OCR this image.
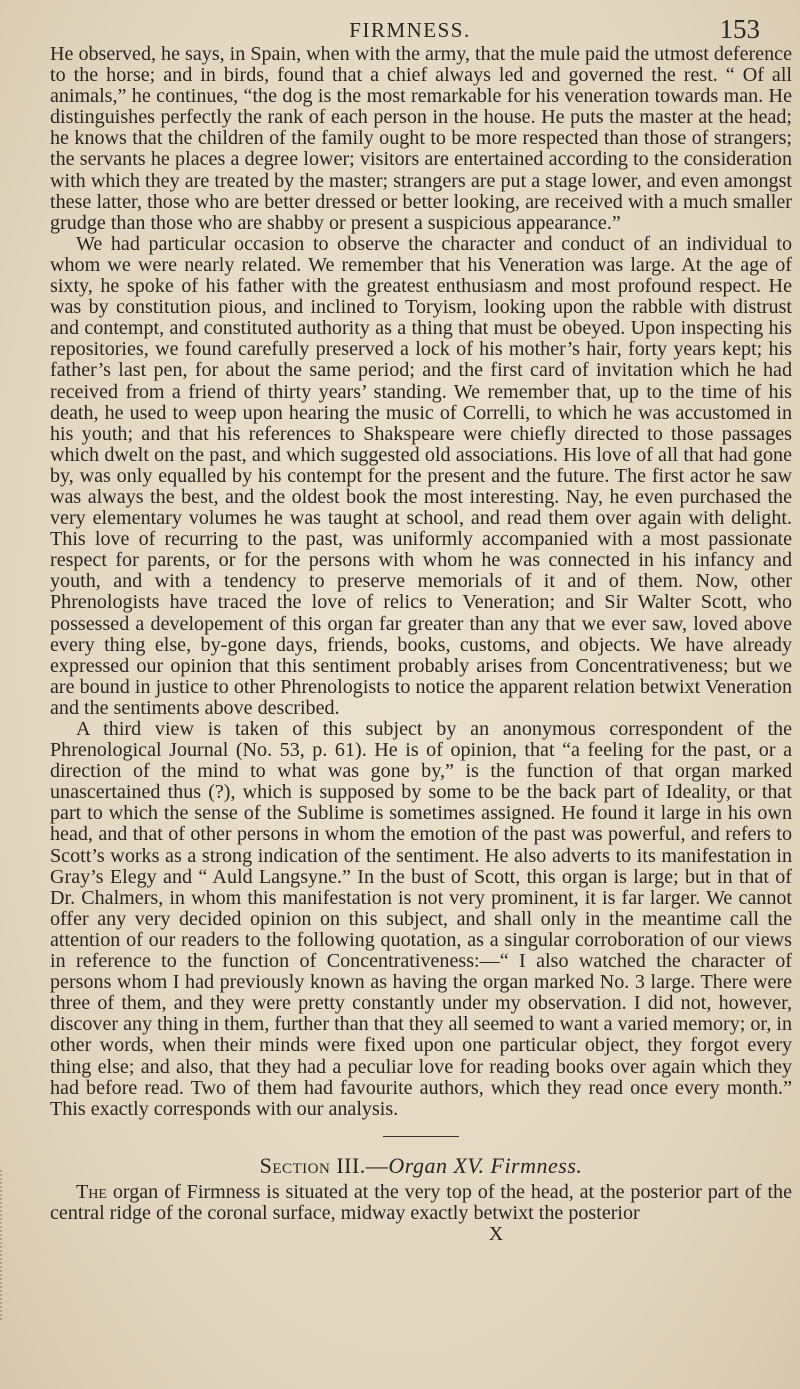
FIRMNESS.	153

He observed, he says, in Spain, when with the army, that the mule paid the utmost deference to the horse; and in birds, found that a chief always led and governed the rest. “ Of all animals,” he continues, “the dog is the most remarkable for his veneration towards man. He distinguishes perfectly the rank of each person in the house. He puts the master at the head; he knows that the children of the family ought to be more respected than those of strangers; the servants he places a degree lower; visitors are entertained according to the consideration with which they are treated by the master; strangers are put a stage lower, and even amongst these latter, those who are better dressed or better looking, are received with a much smaller grudge than those who are shabby or present a suspicious appearance.”

We had particular occasion to observe the character and conduct of an individual to whom we were nearly related. We remember that his Veneration was large. At the age of sixty, he spoke of his father with the greatest enthusiasm and most profound respect. He was by constitution pious, and inclined to Toryism, looking upon the rabble with distrust and contempt, and constituted authority as a thing that must be obeyed. Upon inspecting his repositories, we found carefully preserved a lock of his mother’s hair, forty years kept; his father’s last pen, for about the same period; and the first card of invitation which he had received from a friend of thirty years’ standing. We remember that, up to the time of his death, he used to weep upon hearing the music of Correlli, to which he was accustomed in his youth; and that his references to Shakspeare were chiefly directed to those passages which dwelt on the past, and which suggested old associations. His love of all that had gone by, was only equalled by his contempt for the present and the future. The first actor he saw was always the best, and the oldest book the most interesting. Nay, he even purchased the very elementary volumes he was taught at school, and read them over again with delight. This love of recurring to the past, was uniformly accompanied with a most passionate respect for parents, or for the persons with whom he was connected in his infancy and youth, and with a tendency to preserve memorials of it and of them. Now, other Phrenologists have traced the love of relics to Veneration; and Sir Walter Scott, who possessed a developement of this organ far greater than any that we ever saw, loved above every thing else, by-gone days, friends, books, customs, and objects. We have already expressed our opinion that this sentiment probably arises from Concentrativeness; but we are bound in justice to other Phrenologists to notice the apparent relation betwixt Veneration and the sentiments above described.

A third view is taken of this subject by an anonymous correspondent of the Phrenological Journal (No. 53, p. 61). He is of opinion, that “a feeling for the past, or a direction of the mind to what was gone by,” is the function of that organ marked unascertained thus (?), which is supposed by some to be the back part of Ideality, or that part to which the sense of the Sublime is sometimes assigned. He found it large in his own head, and that of other persons in whom the emotion of the past was powerful, and refers to Scott’s works as a strong indication of the sentiment. He also adverts to its manifestation in Gray’s Elegy and “ Auld Langsyne.” In the bust of Scott, this organ is large; but in that of Dr. Chalmers, in whom this manifestation is not very prominent, it is far larger. We cannot offer any very decided opinion on this subject, and shall only in the meantime call the attention of our readers to the following quotation, as a singular corroboration of our views in reference to the function of Concentrativeness:—“ I also watched the character of persons whom I had previously known as having the organ marked No. 3 large. There were three of them, and they were pretty constantly under my observation. I did not, however, discover any thing in them, further than that they all seemed to want a varied memory; or, in other words, when their minds were fixed upon one particular object, they forgot every thing else; and also, that they had a peculiar love for reading books over again which they had before read. Two of them had favourite authors, which they read once every month.” This exactly corresponds with our analysis.

Section III.—Organ XV. Firmness.

The organ of Firmness is situated at the very top of the head, at the posterior part of the central ridge of the coronal surface, midway exactly betwixt the posterior

X
